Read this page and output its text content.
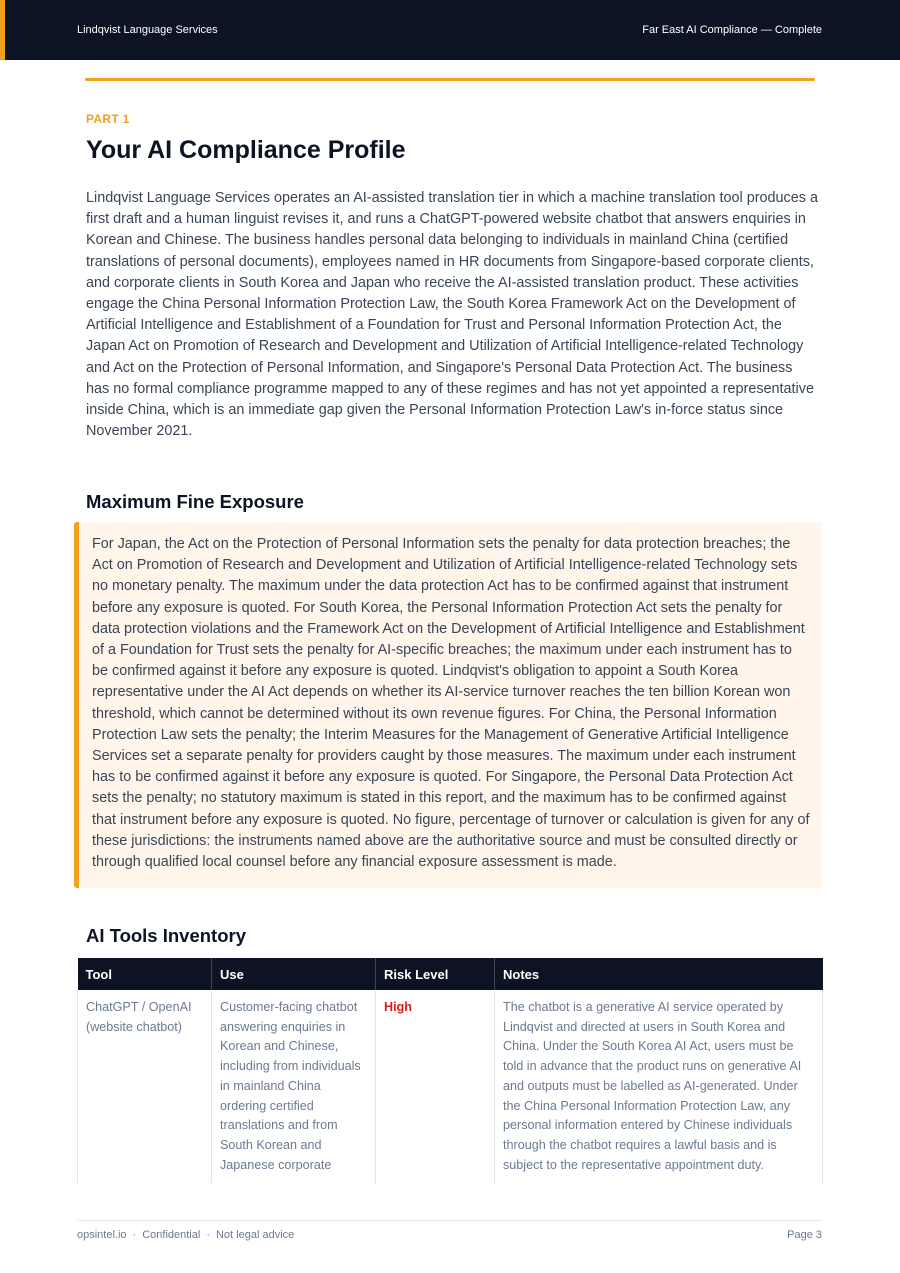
Lindqvist Language Services	Far East AI Compliance — Complete
PART 1
Your AI Compliance Profile

Lindqvist Language Services operates an AI-assisted translation tier in which a machine translation tool produces a first draft and a human linguist revises it, and runs a ChatGPT-powered website chatbot that answers enquiries in Korean and Chinese. The business handles personal data belonging to individuals in mainland China (certified translations of personal documents), employees named in HR documents from Singapore-based corporate clients, and corporate clients in South Korea and Japan who receive the AI-assisted translation product. These activities engage the China Personal Information Protection Law, the South Korea Framework Act on the Development of Artificial Intelligence and Establishment of a Foundation for Trust and Personal Information Protection Act, the Japan Act on Promotion of Research and Development and Utilization of Artificial Intelligence-related Technology and Act on the Protection of Personal Information, and Singapore's Personal Data Protection Act. The business has no formal compliance programme mapped to any of these regimes and has not yet appointed a representative inside China, which is an immediate gap given the Personal Information Protection Law's in-force status since November 2021.

Maximum Fine Exposure

For Japan, the Act on the Protection of Personal Information sets the penalty for data protection breaches; the Act on Promotion of Research and Development and Utilization of Artificial Intelligence-related Technology sets no monetary penalty. The maximum under the data protection Act has to be confirmed against that instrument before any exposure is quoted. For South Korea, the Personal Information Protection Act sets the penalty for data protection violations and the Framework Act on the Development of Artificial Intelligence and Establishment of a Foundation for Trust sets the penalty for AI-specific breaches; the maximum under each instrument has to be confirmed against it before any exposure is quoted. Lindqvist's obligation to appoint a South Korea representative under the AI Act depends on whether its AI-service turnover reaches the ten billion Korean won threshold, which cannot be determined without its own revenue figures. For China, the Personal Information Protection Law sets the penalty; the Interim Measures for the Management of Generative Artificial Intelligence Services set a separate penalty for providers caught by those measures. The maximum under each instrument has to be confirmed against it before any exposure is quoted. For Singapore, the Personal Data Protection Act sets the penalty; no statutory maximum is stated in this report, and the maximum has to be confirmed against that instrument before any exposure is quoted. No figure, percentage of turnover or calculation is given for any of these jurisdictions: the instruments named above are the authoritative source and must be consulted directly or through qualified local counsel before any financial exposure assessment is made.

AI Tools Inventory
Tool	Use	Risk Level	Notes
ChatGPT / OpenAI (website chatbot)	Customer-facing chatbot answering enquiries in Korean and Chinese, including from individuals in mainland China ordering certified translations and from South Korean and Japanese corporate	High	The chatbot is a generative AI service operated by Lindqvist and directed at users in South Korea and China. Under the South Korea AI Act, users must be told in advance that the product runs on generative AI and outputs must be labelled as AI-generated. Under the China Personal Information Protection Law, any personal information entered by Chinese individuals through the chatbot requires a lawful basis and is subject to the representative appointment duty.
opsintel.io · Confidential · Not legal advice	Page 3
